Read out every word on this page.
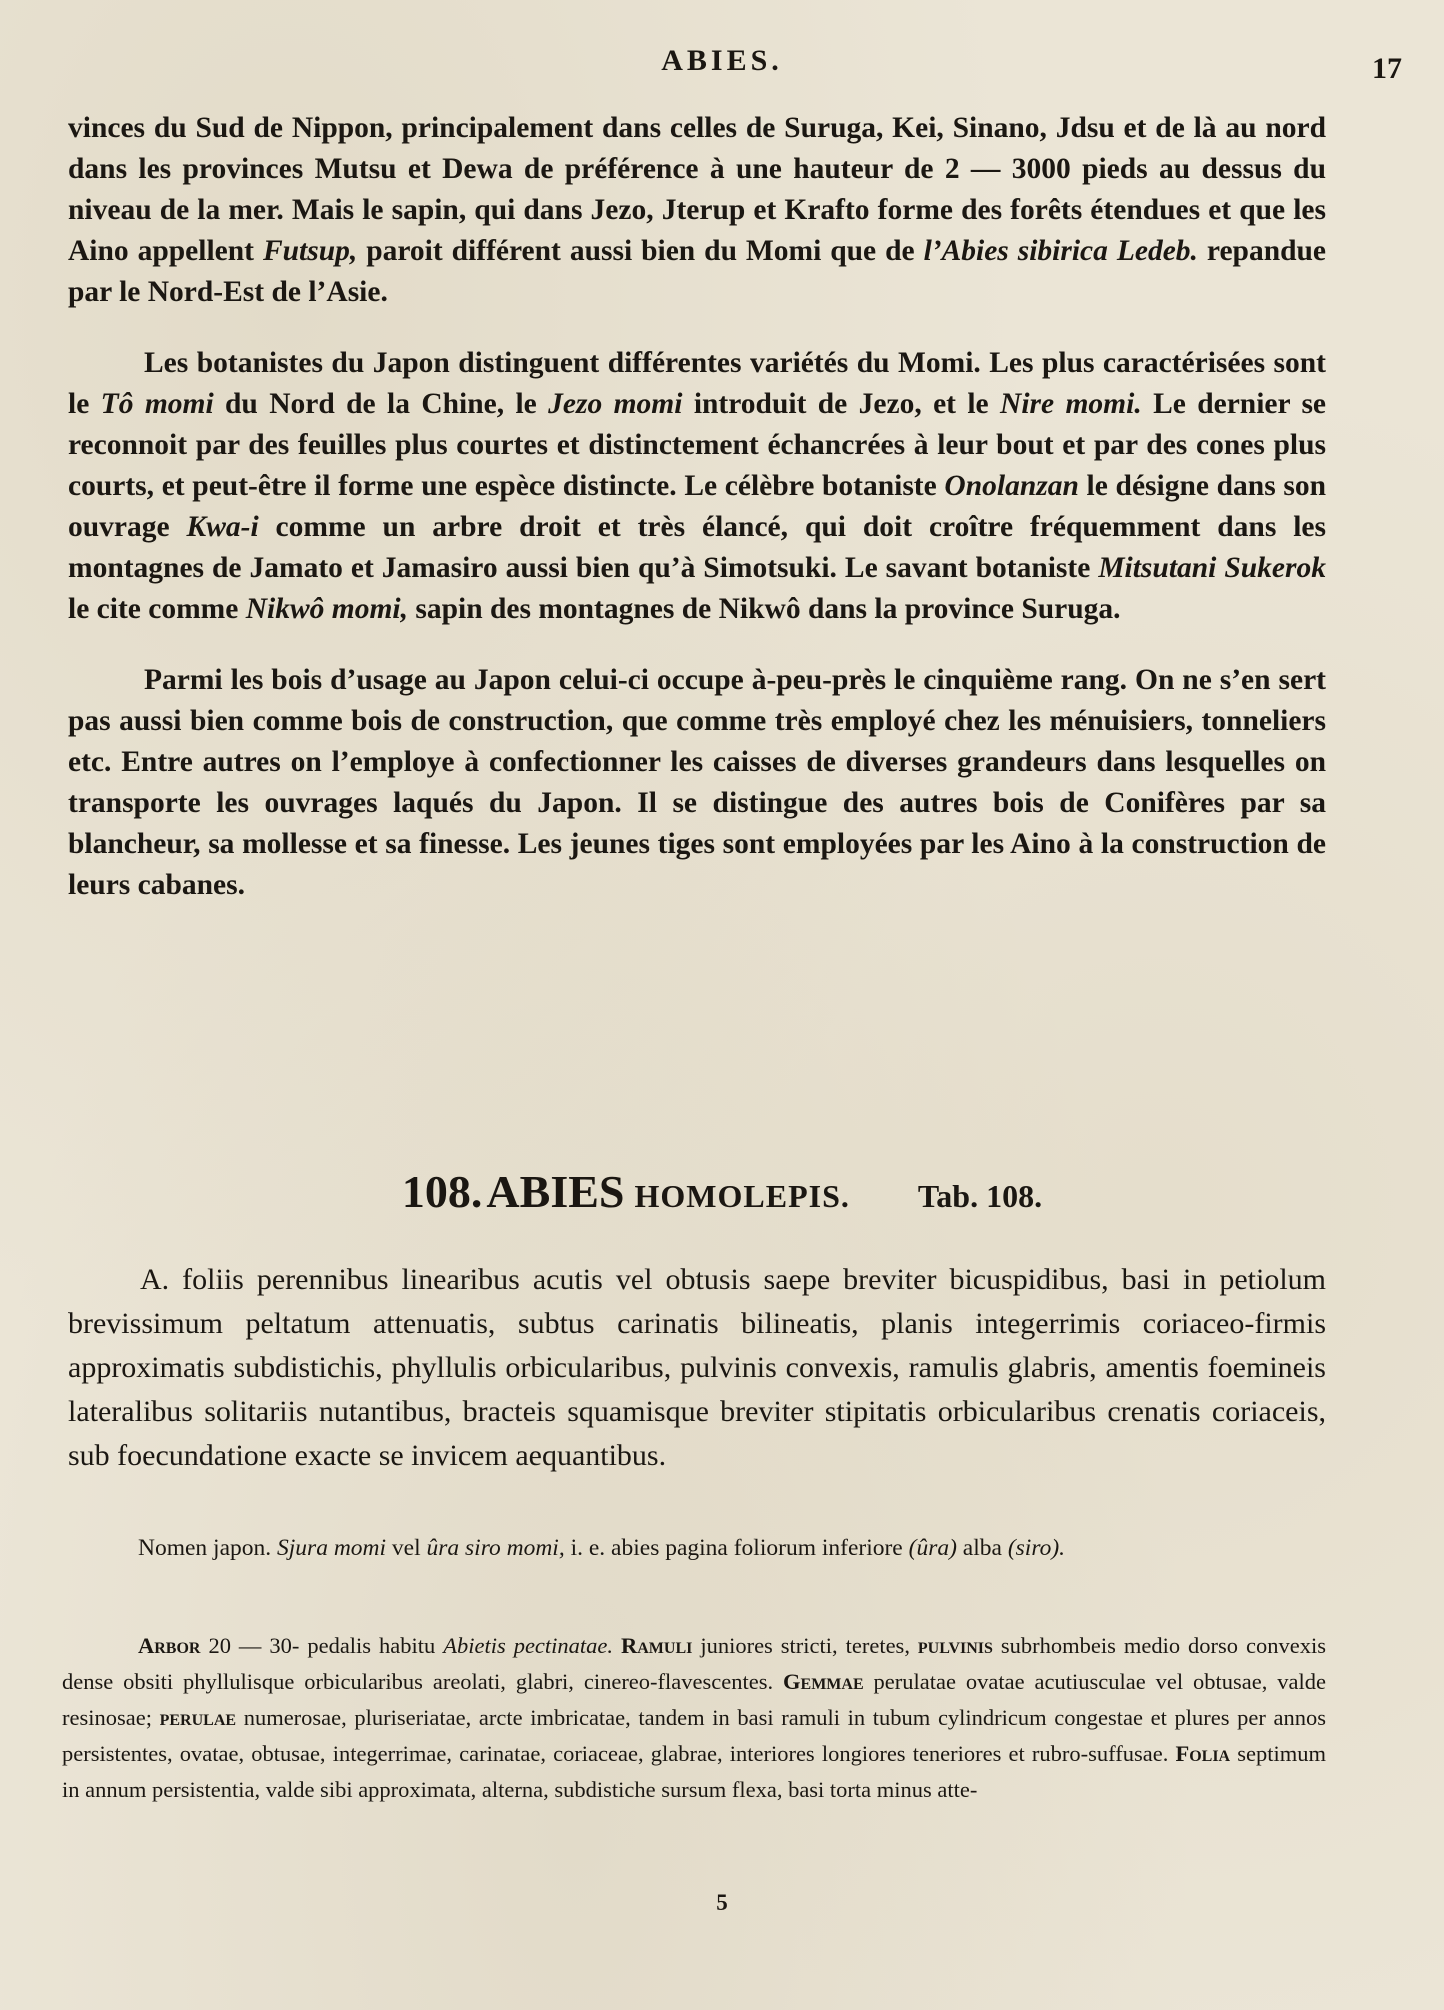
ABIES.	17

vinces du Sud de Nippon, principalement dans celles de Suruga, Kei, Sinano, Jdsu et de là au nord dans les provinces Mutsu et Dewa de préférence à une hauteur de 2 — 3000 pieds au dessus du niveau de la mer. Mais le sapin, qui dans Jezo, Jterup et Krafto forme des forêts étendues et que les Aino appellent Futsup, paroit différent aussi bien du Momi que de l’Abies sibirica Ledeb. repandue par le Nord-Est de l’Asie.

Les botanistes du Japon distinguent différentes variétés du Momi. Les plus caractérisées sont le Tô momi du Nord de la Chine, le Jezo momi introduit de Jezo, et le Nire momi. Le dernier se reconnoit par des feuilles plus courtes et distinctement échancrées à leur bout et par des cones plus courts, et peut-être il forme une espèce distincte. Le célèbre botaniste Onolanzan le désigne dans son ouvrage Kwa-i comme un arbre droit et très élancé, qui doit croître fréquemment dans les montagnes de Jamato et Jamasiro aussi bien qu’à Simotsuki. Le savant botaniste Mitsutani Sukerok le cite comme Nikwô momi, sapin des montagnes de Nikwô dans la province Suruga.

Parmi les bois d’usage au Japon celui-ci occupe à-peu-près le cinquième rang. On ne s’en sert pas aussi bien comme bois de construction, que comme très employé chez les ménuisiers, tonneliers etc. Entre autres on l’employe à confectionner les caisses de diverses grandeurs dans lesquelles on transporte les ouvrages laqués du Japon. Il se distingue des autres bois de Conifères par sa blancheur, sa mollesse et sa finesse. Les jeunes tiges sont employées par les Aino à la construction de leurs cabanes.

108. ABIES HOMOLEPIS. Tab. 108.

A. foliis perennibus linearibus acutis vel obtusis saepe breviter bicuspidibus, basi in petiolum brevissimum peltatum attenuatis, subtus carinatis bilineatis, planis integerrimis coriaceo-firmis approximatis subdistichis, phyllulis orbicularibus, pulvinis convexis, ramulis glabris, amentis foemineis lateralibus solitariis nutantibus, bracteis squamisque breviter stipitatis orbicularibus crenatis coriaceis, sub foecundatione exacte se invicem aequantibus.

Nomen japon. Sjura momi vel ûra siro momi, i. e. abies pagina foliorum inferiore (ûra) alba (siro).

Arbor 20 — 30- pedalis habitu Abietis pectinatae. Ramuli juniores stricti, teretes, pulvinis subrhombeis medio dorso convexis dense obsiti phyllulisque orbicularibus areolati, glabri, cinereo-flavescentes. Gemmae perulatae ovatae acutiusculae vel obtusae, valde resinosae; perulae numerosae, pluriseriatae, arcte imbricatae, tandem in basi ramuli in tubum cylindricum congestae et plures per annos persistentes, ovatae, obtusae, integerrimae, carinatae, coriaceae, glabrae, interiores longiores teneriores et rubro-suffusae. Folia septimum in annum persistentia, valde sibi approximata, alterna, subdistiche sursum flexa, basi torta minus atte-

5
